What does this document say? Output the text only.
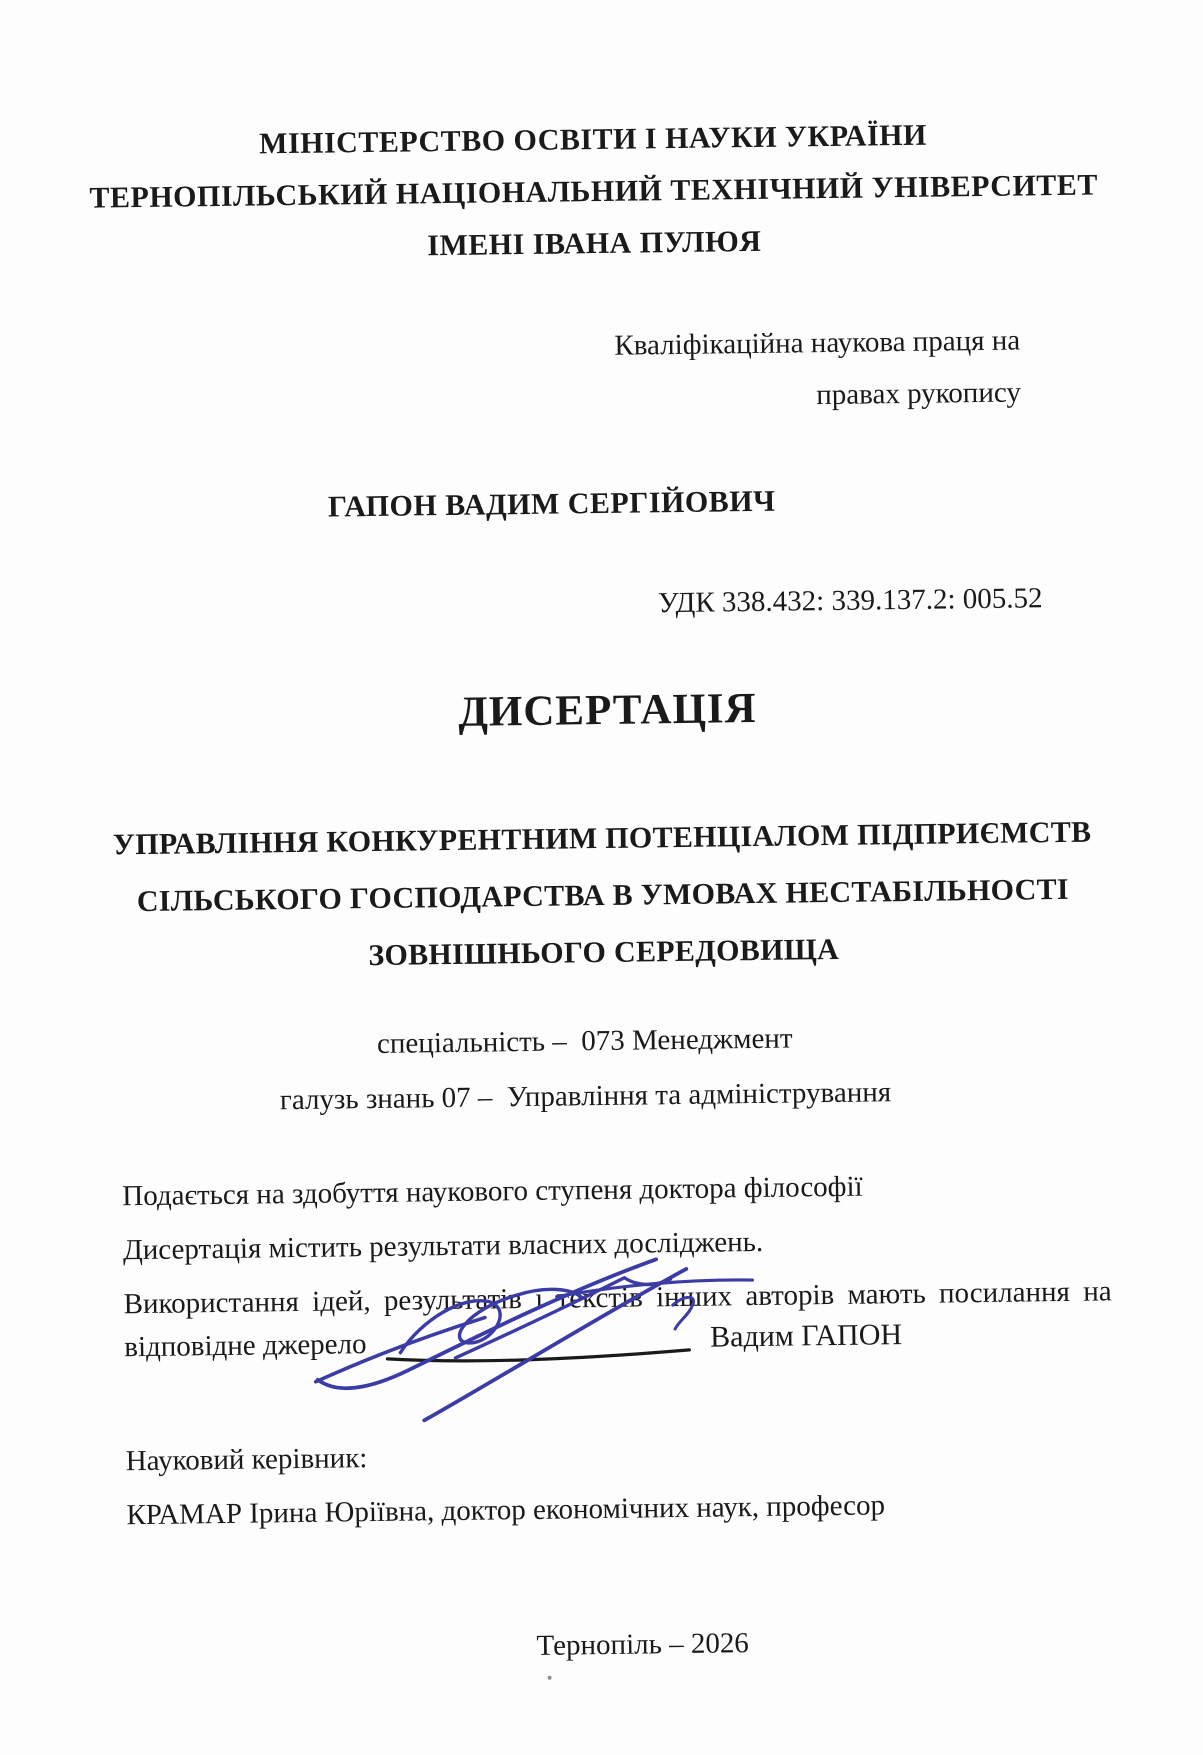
МІНІСТЕРСТВО ОСВІТИ І НАУКИ УКРАЇНИ
ТЕРНОПІЛЬСЬКИЙ НАЦІОНАЛЬНИЙ ТЕХНІЧНИЙ УНІВЕРСИТЕТ
ІМЕНІ ІВАНА ПУЛЮЯ
Кваліфікаційна наукова праця на
правах рукопису
ГАПОН ВАДИМ СЕРГІЙОВИЧ
УДК 338.432: 339.137.2: 005.52
ДИСЕРТАЦІЯ
УПРАВЛІННЯ КОНКУРЕНТНИМ ПОТЕНЦІАЛОМ ПІДПРИЄМСТВ
СІЛЬСЬКОГО ГОСПОДАРСТВА В УМОВАХ НЕСТАБІЛЬНОСТІ
ЗОВНІШНЬОГО СЕРЕДОВИЩА
спеціальність –  073 Менеджмент
галузь знань 07 –  Управління та адміністрування
Подається на здобуття наукового ступеня доктора філософії
Дисертація містить результати власних досліджень.
Використання ідей, результатів і текстів інших авторів мають посилання на
відповідне джерело	Вадим ГАПОН
Науковий керівник:
КРАМАР Ірина Юріївна, доктор економічних наук, професор
Тернопіль – 2026
